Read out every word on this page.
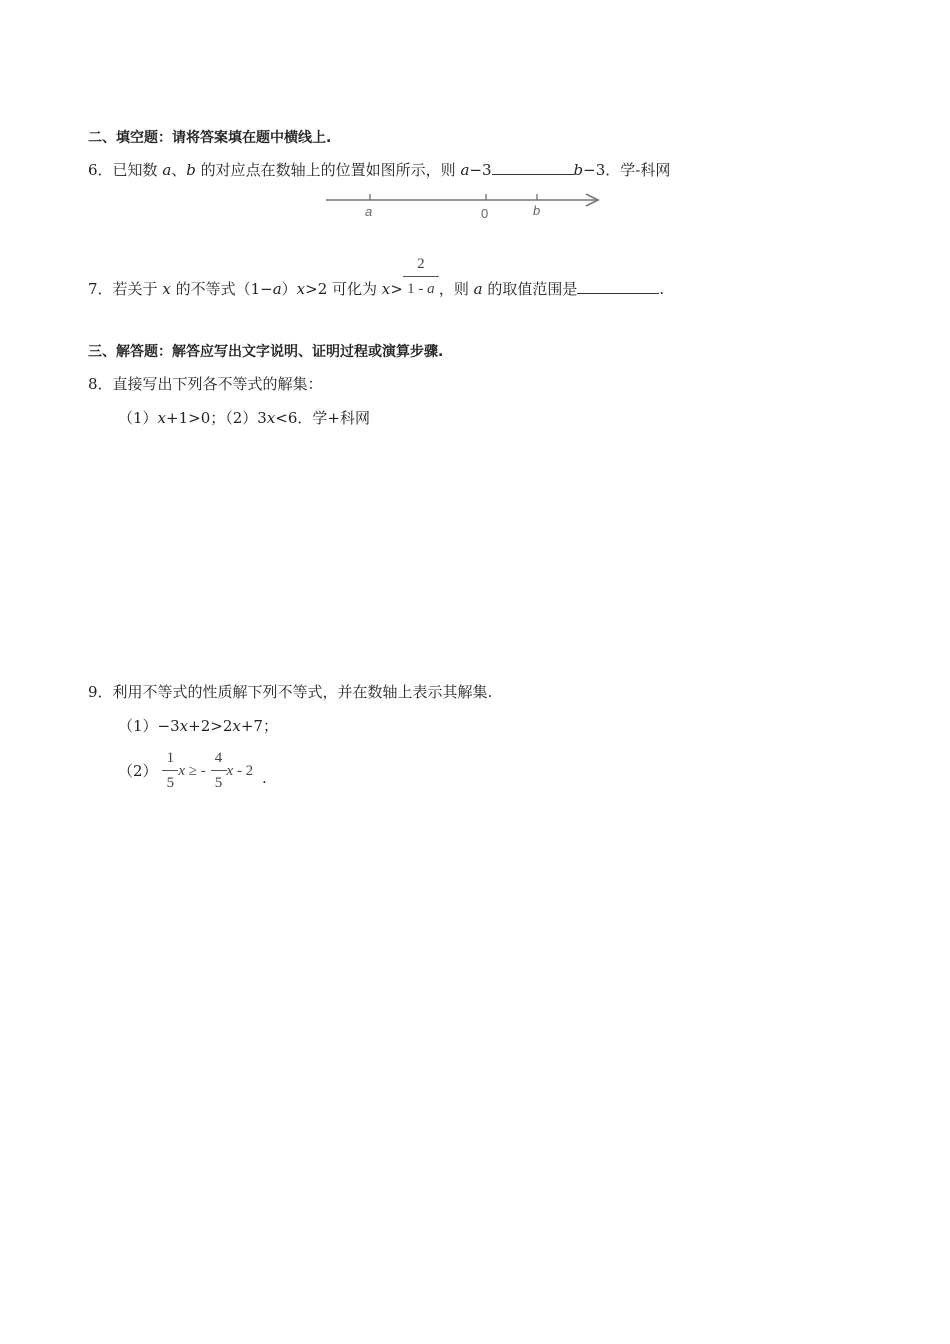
二、填空题：请将答案填在题中横线上.
6．已知数 a、b 的对应点在数轴上的位置如图所示，则 a−3	b−3．学-科网
a	0	b
7．若关于 x 的不等式（1−a）x>2 可化为 $x> \frac{2}{1 - a}$ ，则 a 的取值范围是	.
三、解答题：解答应写出文字说明、证明过程或演算步骤.
8．直接写出下列各不等式的解集：
（1）x+1>0；（2）3x<6．学+科网
9．利用不等式的性质解下列不等式，并在数轴上表示其解集.
（1）−3x+2>2x+7；
$(2) \frac{1}{5}$ x ≥ - $\frac{4}{5}$ x - 2 .
